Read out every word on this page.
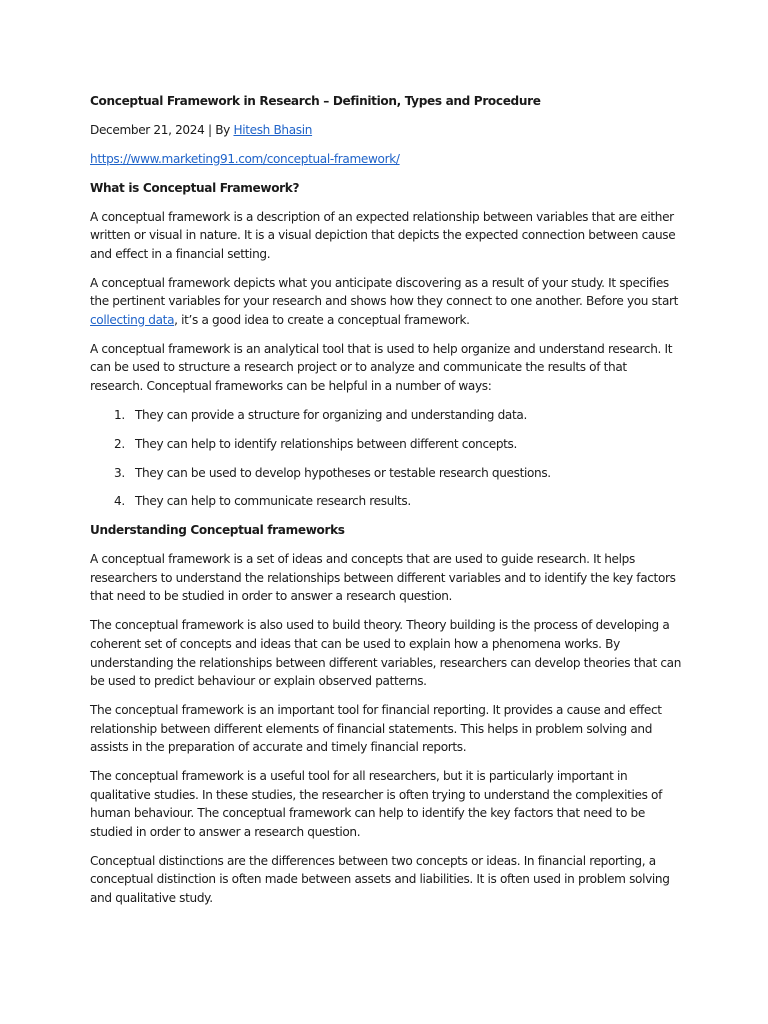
Conceptual Framework in Research – Definition, Types and Procedure

December 21, 2024 | By Hitesh Bhasin

https://www.marketing91.com/conceptual-framework/

What is Conceptual Framework?

A conceptual framework is a description of an expected relationship between variables that are either written or visual in nature. It is a visual depiction that depicts the expected connection between cause and effect in a financial setting.

A conceptual framework depicts what you anticipate discovering as a result of your study. It specifies the pertinent variables for your research and shows how they connect to one another. Before you start collecting data, it’s a good idea to create a conceptual framework.

A conceptual framework is an analytical tool that is used to help organize and understand research. It can be used to structure a research project or to analyze and communicate the results of that research. Conceptual frameworks can be helpful in a number of ways:

1. They can provide a structure for organizing and understanding data.
2. They can help to identify relationships between different concepts.
3. They can be used to develop hypotheses or testable research questions.
4. They can help to communicate research results.

Understanding Conceptual frameworks

A conceptual framework is a set of ideas and concepts that are used to guide research. It helps researchers to understand the relationships between different variables and to identify the key factors that need to be studied in order to answer a research question.

The conceptual framework is also used to build theory. Theory building is the process of developing a coherent set of concepts and ideas that can be used to explain how a phenomena works. By understanding the relationships between different variables, researchers can develop theories that can be used to predict behaviour or explain observed patterns.

The conceptual framework is an important tool for financial reporting. It provides a cause and effect relationship between different elements of financial statements. This helps in problem solving and assists in the preparation of accurate and timely financial reports.

The conceptual framework is a useful tool for all researchers, but it is particularly important in qualitative studies. In these studies, the researcher is often trying to understand the complexities of human behaviour. The conceptual framework can help to identify the key factors that need to be studied in order to answer a research question.

Conceptual distinctions are the differences between two concepts or ideas. In financial reporting, a conceptual distinction is often made between assets and liabilities. It is often used in problem solving and qualitative study.
